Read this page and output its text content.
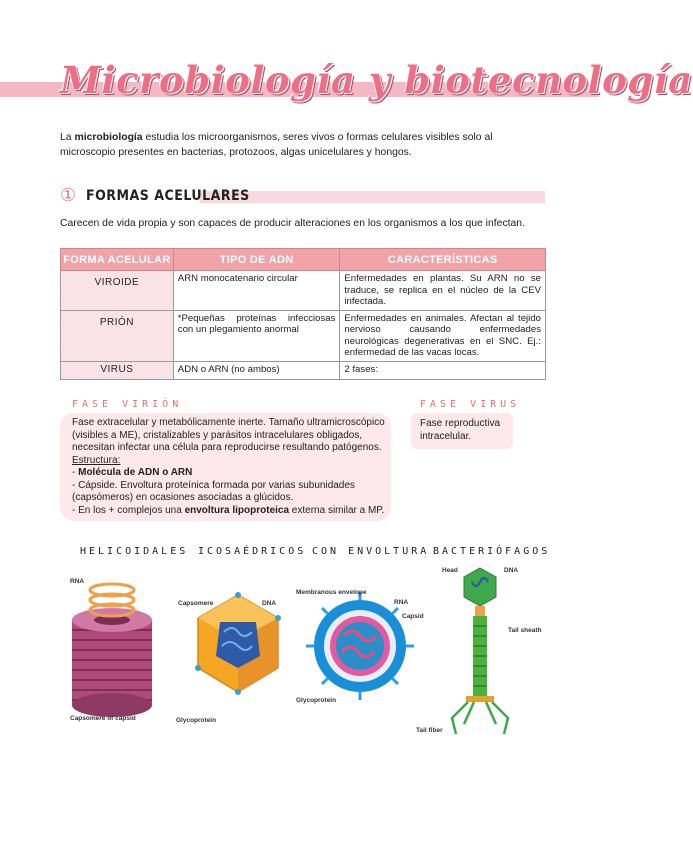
Microbiología y biotecnología
La microbiología estudia los microorganismos, seres vivos o formas celulares visibles solo al microscopio presentes en bacterias, protozoos, algas unicelulares y hongos.
① FORMAS ACELULARES
Carecen de vida propia y son capaces de producir alteraciones en los organismos a los que infectan.
FORMA ACELULAR	TIPO DE ADN	CARACTERÍSTICAS
VIROIDE	ARN monocatenario circular	Enfermedades en plantas. Su ARN no se traduce, se replica en el núcleo de la CEV infectada.
PRIÓN	*Pequeñas proteínas infecciosas con un plegamiento anormal	Enfermedades en animales. Afectan al tejido nervioso causando enfermedades neurológicas degenerativas en el SNC. Ej.: enfermedad de las vacas locas.
VIRUS	ADN o ARN (no ambos)	2 fases:
FASE VIRIÓN
Fase extracelular y metabólicamente inerte. Tamaño ultramicroscópico (visibles a ME), cristalizables y parásitos intracelulares obligados, necesitan infectar una célula para reproducirse resultando patógenos.
Estructura:
- Molécula de ADN o ARN
- Cápside. Envoltura proteínica formada por varias subunidades (capsómeros) en ocasiones asociadas a glúcidos.
- En los + complejos una envoltura lipoproteica externa similar a MP.
FASE VIRUS
Fase reproductiva intracelular.
HELICOIDALES ICOSAÉDRICOS CON ENVOLTURA BACTERIÓFAGOS
RNA
Capsomere of capsid
Capsomere	DNA
Glycoprotein
Membranous envelope
RNA
Capsid
Glycoprotein
Head	DNA
Tail sheath
Tail fiber
